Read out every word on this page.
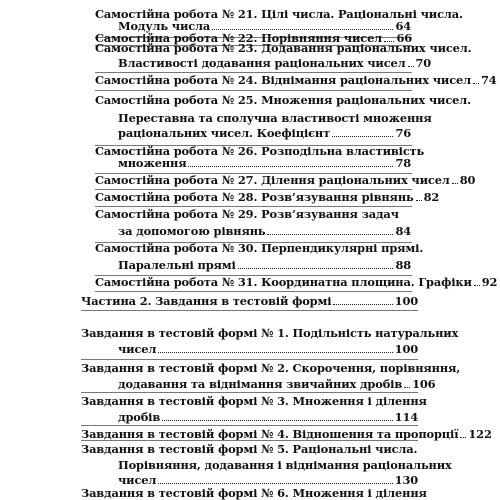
Самостійна робота № 21. Цілі числа. Раціональні числа.
Модуль числа	64
Самостійна робота № 22. Порівняння чисел 66
Самостійна робота № 23. Додавання раціональних чисел.
Властивості додавання раціональних чисел 70
Самостійна робота № 24. Віднімання раціональних чисел 74
Самостійна робота № 25. Множення раціональних чисел.
Переставна та сполучна властивості множення
раціональних чисел. Коефіцієнт	76
Самостійна робота № 26. Розподільна властивість
множення	78
Самостійна робота № 27. Ділення раціональних чисел 80
Самостійна робота № 28. Розв’язування рівнянь 82
Самостійна робота № 29. Розв’язування задач
за допомогою рівнянь	84
Самостійна робота № 30. Перпендикулярні прямі.
Паралельні прямі	88
Самостійна робота № 31. Координатна площина. Графіки 92
Частина 2. Завдання в тестовій формі	100
Завдання в тестовій формі № 1. Подільність натуральних
чисел	100
Завдання в тестовій формі № 2. Скорочення, порівняння,
додавання та віднімання звичайних дробів 106
Завдання в тестовій формі № 3. Множення і ділення
дробів	114
Завдання в тестовій формі № 4. Відношення та пропорції 122
Завдання в тестовій формі № 5. Раціональні числа.
Порівняння, додавання і віднімання раціональних
чисел	130
Завдання в тестовій формі № 6. Множення і ділення
